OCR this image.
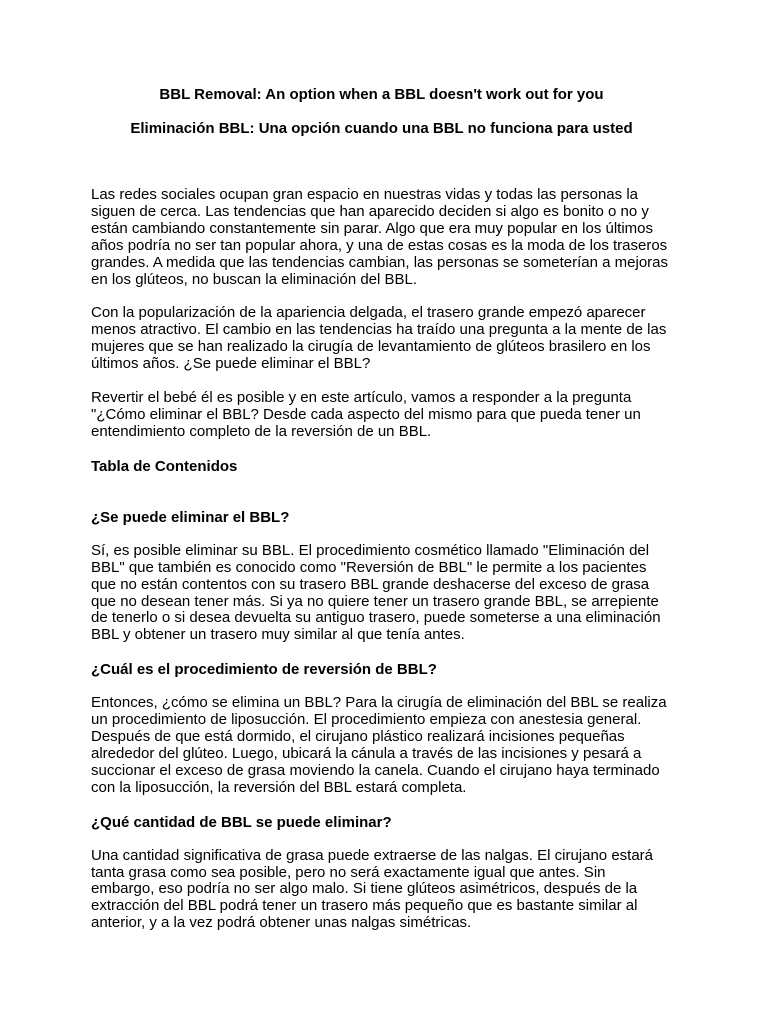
BBL Removal: An option when a BBL doesn't work out for you

Eliminación BBL: Una opción cuando una BBL no funciona para usted

Las redes sociales ocupan gran espacio en nuestras vidas y todas las personas la siguen de cerca. Las tendencias que han aparecido deciden si algo es bonito o no y están cambiando constantemente sin parar. Algo que era muy popular en los últimos años podría no ser tan popular ahora, y una de estas cosas es la moda de los traseros grandes. A medida que las tendencias cambian, las personas se someterían a mejoras en los glúteos, no buscan la eliminación del BBL.

Con la popularización de la apariencia delgada, el trasero grande empezó aparecer menos atractivo. El cambio en las tendencias ha traído una pregunta a la mente de las mujeres que se han realizado la cirugía de levantamiento de glúteos brasilero en los últimos años. ¿Se puede eliminar el BBL?

Revertir el bebé él es posible y en este artículo, vamos a responder a la pregunta "¿Cómo eliminar el BBL? Desde cada aspecto del mismo para que pueda tener un entendimiento completo de la reversión de un BBL.

Tabla de Contenidos

¿Se puede eliminar el BBL?

Sí, es posible eliminar su BBL. El procedimiento cosmético llamado "Eliminación del BBL" que también es conocido como "Reversión de BBL" le permite a los pacientes que no están contentos con su trasero BBL grande deshacerse del exceso de grasa que no desean tener más. Si ya no quiere tener un trasero grande BBL, se arrepiente de tenerlo o si desea devuelta su antiguo trasero, puede someterse a una eliminación BBL y obtener un trasero muy similar al que tenía antes.

¿Cuál es el procedimiento de reversión de BBL?

Entonces, ¿cómo se elimina un BBL? Para la cirugía de eliminación del BBL se realiza un procedimiento de liposucción. El procedimiento empieza con anestesia general. Después de que está dormido, el cirujano plástico realizará incisiones pequeñas alrededor del glúteo. Luego, ubicará la cánula a través de las incisiones y pesará a succionar el exceso de grasa moviendo la canela. Cuando el cirujano haya terminado con la liposucción, la reversión del BBL estará completa.

¿Qué cantidad de BBL se puede eliminar?

Una cantidad significativa de grasa puede extraerse de las nalgas. El cirujano estará tanta grasa como sea posible, pero no será exactamente igual que antes. Sin embargo, eso podría no ser algo malo. Si tiene glúteos asimétricos, después de la extracción del BBL podrá tener un trasero más pequeño que es bastante similar al anterior, y a la vez podrá obtener unas nalgas simétricas.
